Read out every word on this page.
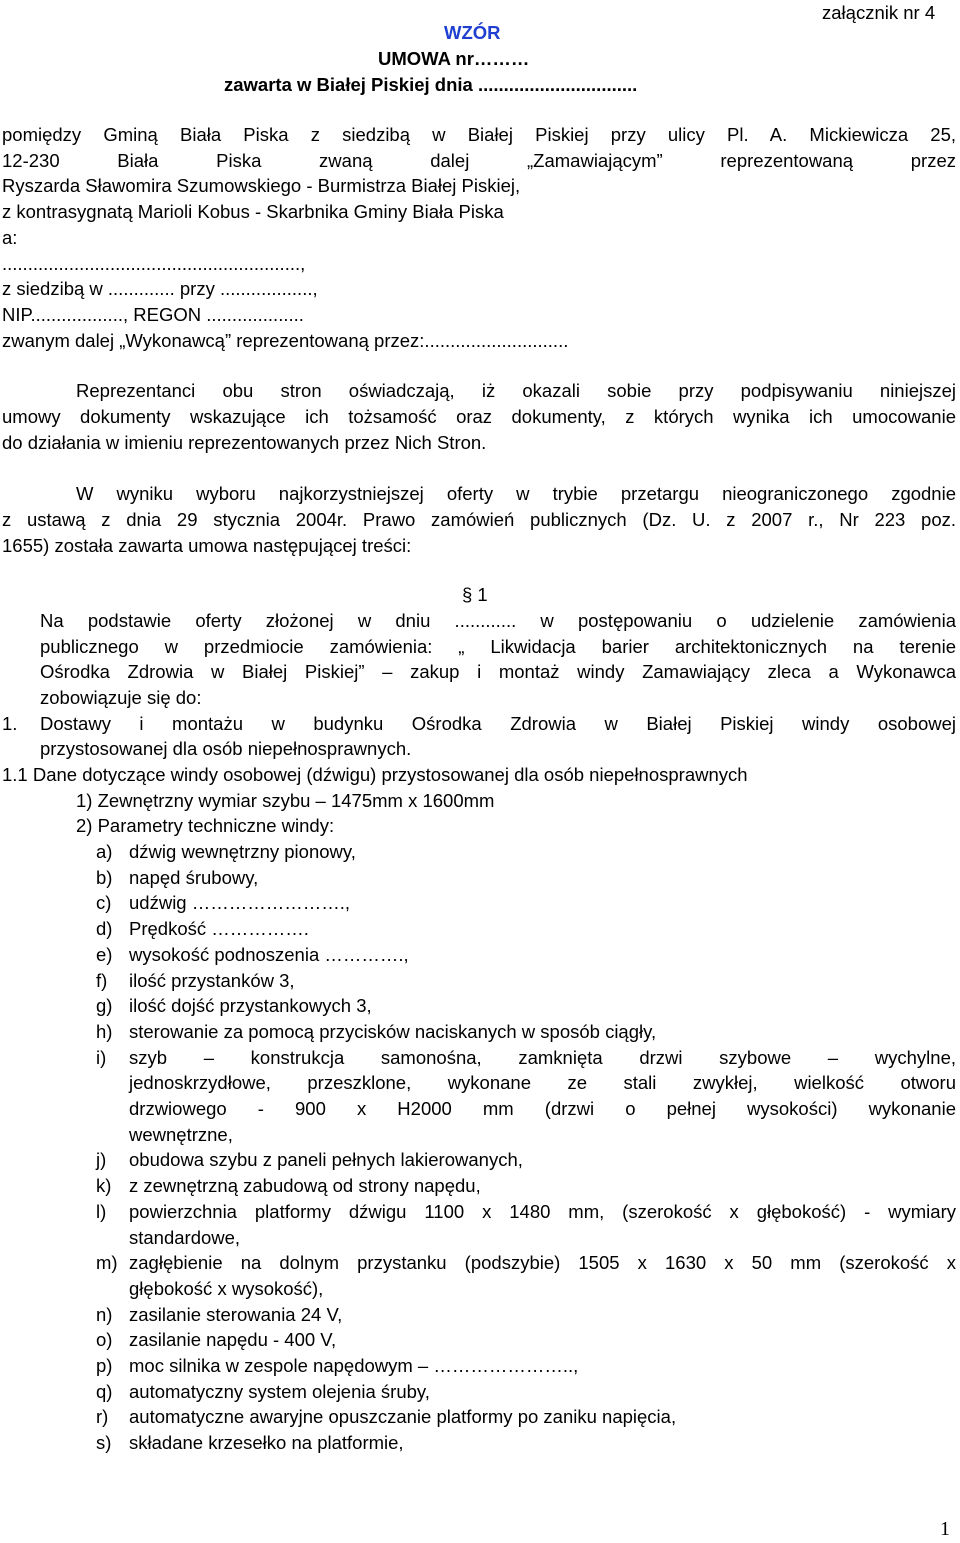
załącznik nr 4
WZÓR
UMOWA nr………
zawarta w Białej Piskiej dnia ...............................
pomiędzy Gminą Biała Piska z siedzibą w Białej Piskiej przy ulicy Pl. A. Mickiewicza 25,
12-230 Biała Piska zwaną dalej „Zamawiającym” reprezentowaną przez
Ryszarda Sławomira Szumowskiego - Burmistrza Białej Piskiej,
z kontrasygnatą Marioli Kobus - Skarbnika Gminy Biała Piska
a:
..........................................................,
z siedzibą w ............. przy ..................,
NIP.................., REGON ...................
zwanym dalej „Wykonawcą” reprezentowaną przez:............................
Reprezentanci obu stron oświadczają, iż okazali sobie przy podpisywaniu niniejszej
umowy dokumenty wskazujące ich tożsamość oraz dokumenty, z których wynika ich umocowanie
do działania w imieniu reprezentowanych przez Nich Stron.
W wyniku wyboru najkorzystniejszej oferty w trybie przetargu nieograniczonego zgodnie
z ustawą z dnia 29 stycznia 2004r. Prawo zamówień publicznych (Dz. U. z 2007 r., Nr 223 poz.
1655) została zawarta umowa następującej treści:
§ 1
Na podstawie oferty złożonej w dniu ............ w postępowaniu o udzielenie zamówienia
publicznego w przedmiocie zamówienia: „ Likwidacja barier architektonicznych na terenie
Ośrodka Zdrowia w Białej Piskiej” – zakup i montaż windy Zamawiający zleca a Wykonawca
zobowiązuje się do:
1. Dostawy i montażu w budynku Ośrodka Zdrowia w Białej Piskiej windy osobowej
przystosowanej dla osób niepełnosprawnych.
1.1 Dane dotyczące windy osobowej (dźwigu) przystosowanej dla osób niepełnosprawnych
1) Zewnętrzny wymiar szybu – 1475mm x 1600mm
2) Parametry techniczne windy:
a) dźwig wewnętrzny pionowy,
b) napęd śrubowy,
c) udźwig …………………….,
d) Prędkość …………….
e) wysokość podnoszenia ………….,
f) ilość przystanków 3,
g) ilość dojść przystankowych 3,
h) sterowanie za pomocą przycisków naciskanych w sposób ciągły,
i) szyb – konstrukcja samonośna, zamknięta drzwi szybowe – wychylne,
jednoskrzydłowe, przeszklone, wykonane ze stali zwykłej, wielkość otworu
drzwiowego - 900 x H2000 mm (drzwi o pełnej wysokości) wykonanie
wewnętrzne,
j) obudowa szybu z paneli pełnych lakierowanych,
k) z zewnętrzną zabudową od strony napędu,
l) powierzchnia platformy dźwigu 1100 x 1480 mm, (szerokość x głębokość) - wymiary
standardowe,
m) zagłębienie na dolnym przystanku (podszybie) 1505 x 1630 x 50 mm (szerokość x
głębokość x wysokość),
n) zasilanie sterowania 24 V,
o) zasilanie napędu - 400 V,
p) moc silnika w zespole napędowym – …………………..,
q) automatyczny system olejenia śruby,
r) automatyczne awaryjne opuszczanie platformy po zaniku napięcia,
s) składane krzesełko na platformie,
1
